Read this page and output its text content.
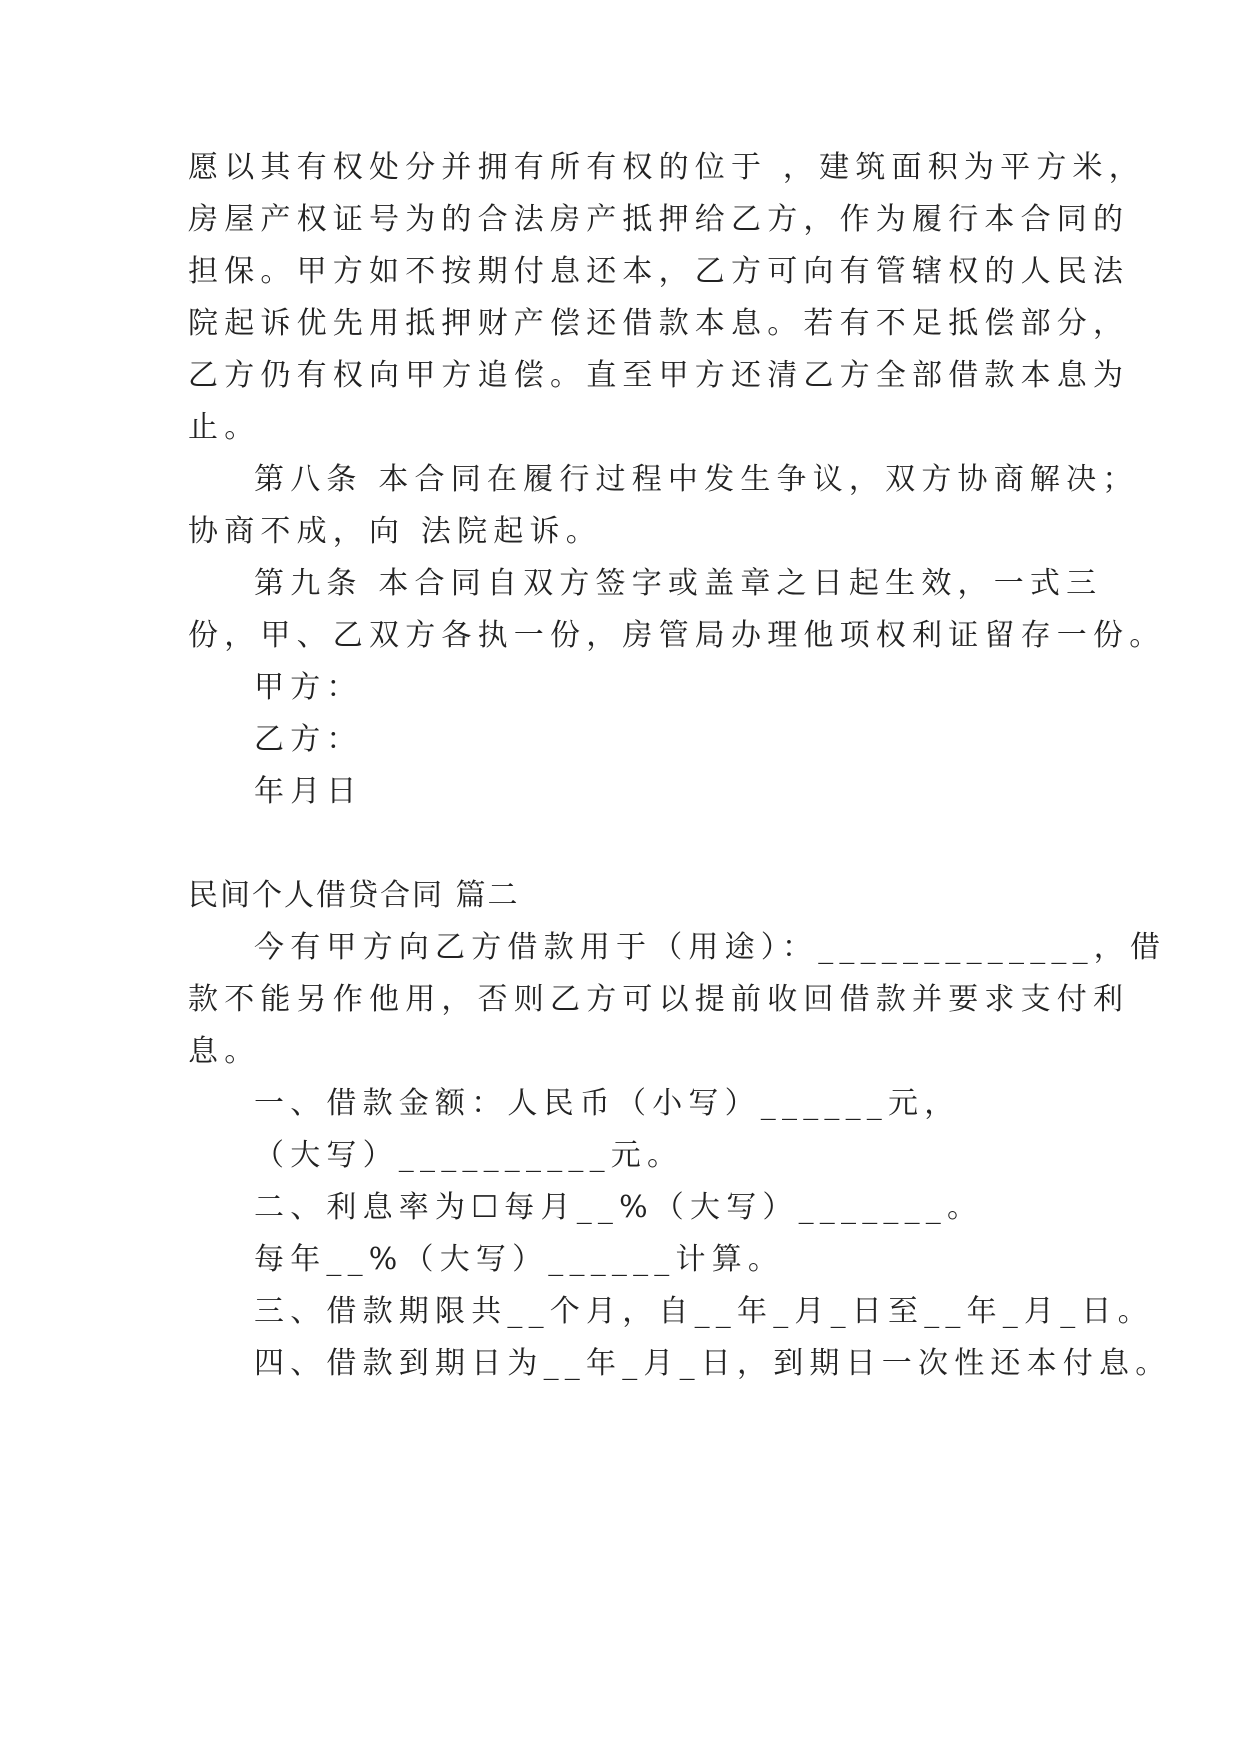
愿以其有权处分并拥有所有权的位于 ，建筑面积为平方米，
房屋产权证号为的合法房产抵押给乙方，作为履行本合同的
担保。甲方如不按期付息还本，乙方可向有管辖权的人民法
院起诉优先用抵押财产偿还借款本息。若有不足抵偿部分，
乙方仍有权向甲方追偿。直至甲方还清乙方全部借款本息为
止。
第八条 本合同在履行过程中发生争议，双方协商解决；
协商不成，向 法院起诉。
第九条 本合同自双方签字或盖章之日起生效，一式三
份，甲、乙双方各执一份，房管局办理他项权利证留存一份。
甲方：
乙方：
年月日
民间个人借贷合同 篇二
今有甲方向乙方借款用于（用途）：_____________，借
款不能另作他用，否则乙方可以提前收回借款并要求支付利
息。
一、借款金额：人民币（小写）______元，
（大写）__________元。
二、利息率为☐每月__%（大写）_______。
每年__%（大写）______计算。
三、借款期限共__个月，自__年_月_日至__年_月_日。
四、借款到期日为__年_月_日，到期日一次性还本付息。
